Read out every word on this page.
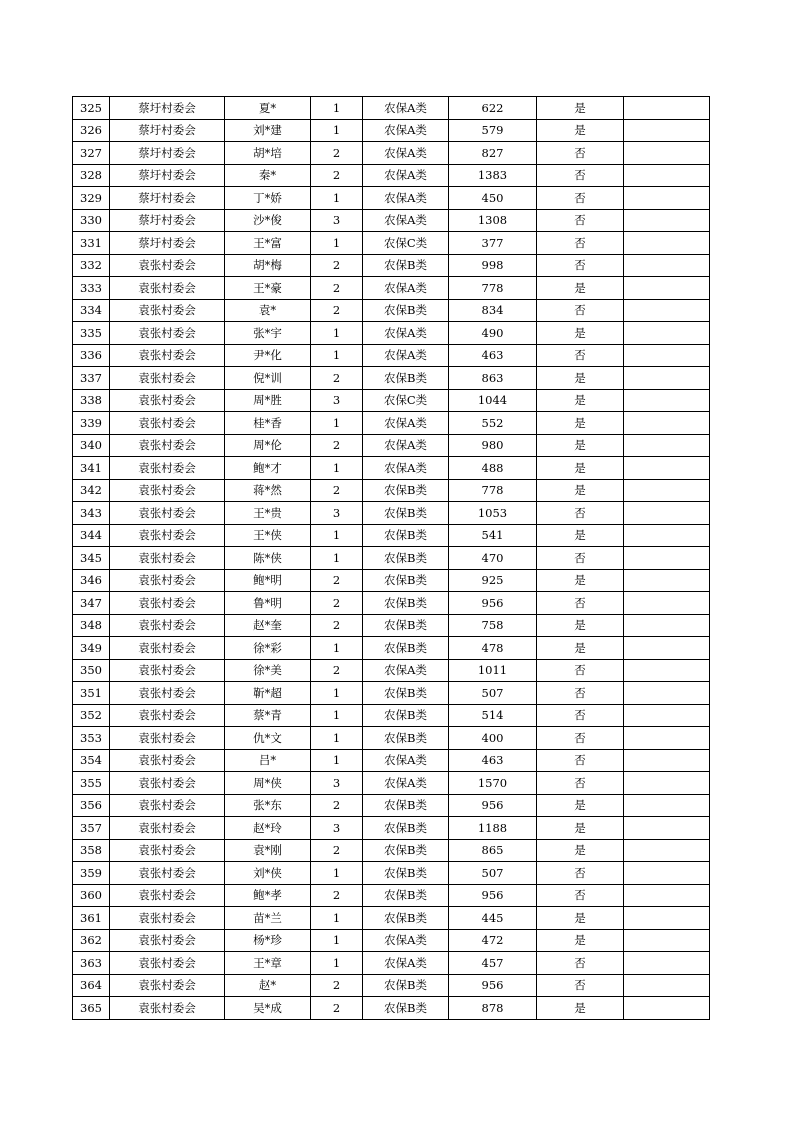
325	蔡圩村委会	夏*	1	农保A类	622	是	
326	蔡圩村委会	刘*建	1	农保A类	579	是	
327	蔡圩村委会	胡*培	2	农保A类	827	否	
328	蔡圩村委会	秦*	2	农保A类	1383	否	
329	蔡圩村委会	丁*娇	1	农保A类	450	否	
330	蔡圩村委会	沙*俊	3	农保A类	1308	否	
331	蔡圩村委会	王*富	1	农保C类	377	否	
332	袁张村委会	胡*梅	2	农保B类	998	否	
333	袁张村委会	王*豪	2	农保A类	778	是	
334	袁张村委会	袁*	2	农保B类	834	否	
335	袁张村委会	张*宇	1	农保A类	490	是	
336	袁张村委会	尹*化	1	农保A类	463	否	
337	袁张村委会	倪*训	2	农保B类	863	是	
338	袁张村委会	周*胜	3	农保C类	1044	是	
339	袁张村委会	桂*香	1	农保A类	552	是	
340	袁张村委会	周*伦	2	农保A类	980	是	
341	袁张村委会	鲍*才	1	农保A类	488	是	
342	袁张村委会	蒋*然	2	农保B类	778	是	
343	袁张村委会	王*贵	3	农保B类	1053	否	
344	袁张村委会	王*侠	1	农保B类	541	是	
345	袁张村委会	陈*侠	1	农保B类	470	否	
346	袁张村委会	鲍*明	2	农保B类	925	是	
347	袁张村委会	鲁*明	2	农保B类	956	否	
348	袁张村委会	赵*奎	2	农保B类	758	是	
349	袁张村委会	徐*彩	1	农保B类	478	是	
350	袁张村委会	徐*美	2	农保A类	1011	否	
351	袁张村委会	靳*超	1	农保B类	507	否	
352	袁张村委会	蔡*青	1	农保B类	514	否	
353	袁张村委会	仇*文	1	农保B类	400	否	
354	袁张村委会	吕*	1	农保A类	463	否	
355	袁张村委会	周*侠	3	农保A类	1570	否	
356	袁张村委会	张*东	2	农保B类	956	是	
357	袁张村委会	赵*玲	3	农保B类	1188	是	
358	袁张村委会	袁*刚	2	农保B类	865	是	
359	袁张村委会	刘*侠	1	农保B类	507	否	
360	袁张村委会	鲍*孝	2	农保B类	956	否	
361	袁张村委会	苗*兰	1	农保B类	445	是	
362	袁张村委会	杨*珍	1	农保A类	472	是	
363	袁张村委会	王*章	1	农保A类	457	否	
364	袁张村委会	赵*	2	农保B类	956	否	
365	袁张村委会	吴*成	2	农保B类	878	是	
